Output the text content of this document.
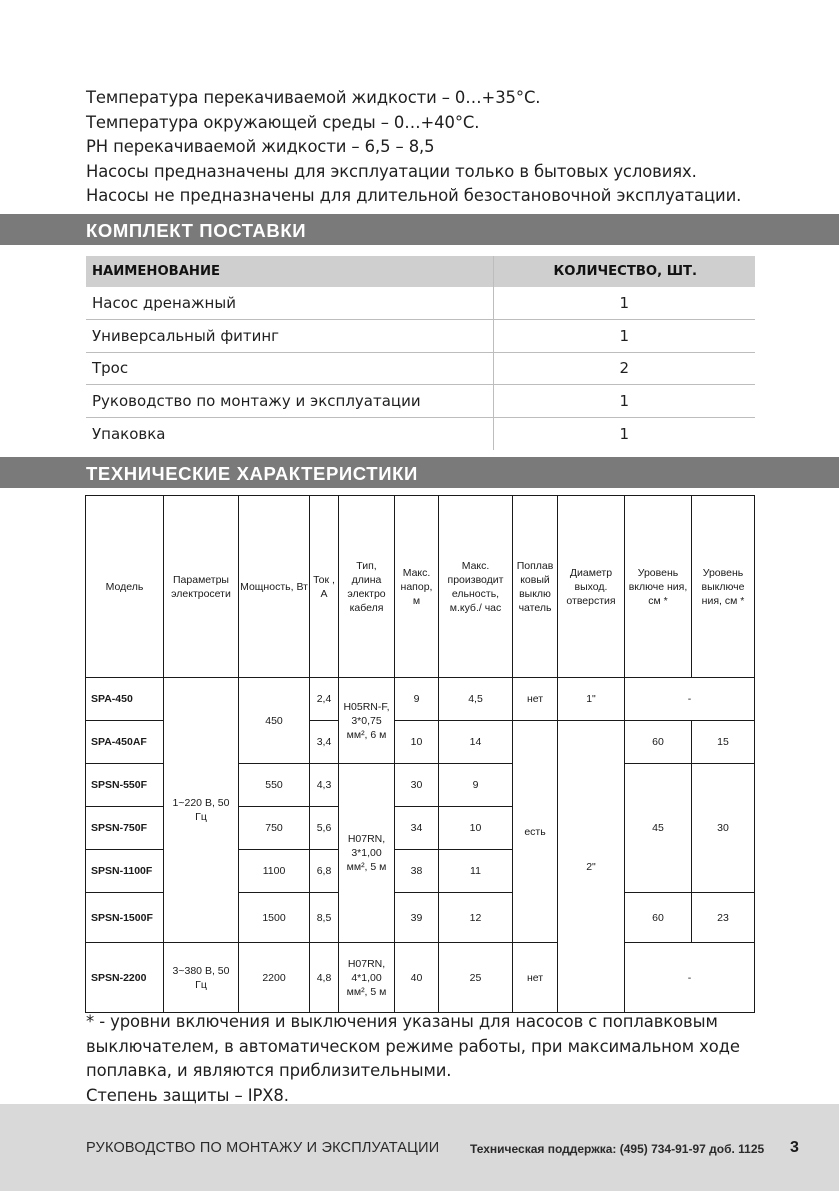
Температура перекачиваемой жидкости – 0…+35°С.

Температура окружающей среды – 0…+40°С.

PH перекачиваемой жидкости – 6,5 – 8,5

Насосы предназначены для эксплуатации только в бытовых условиях.

Насосы не предназначены для длительной безостановочной эксплуатации.

КОМПЛЕКТ ПОСТАВКИ
НАИМЕНОВАНИЕ	КОЛИЧЕСТВО, ШТ.
Насос дренажный	1
Универсальный фитинг	1
Трос	2
Руководство по монтажу и эксплуатации	1
Упаковка	1
ТЕХНИЧЕСКИЕ ХАРАКТЕРИСТИКИ
Модель	Параметры электросети	Мощность, Вт	Ток , А	Тип, длина электро кабеля	Макс. напор, м	Макс. производит ельность, м.куб./ час	Поплав ковый выклю чатель	Диаметр выход. отверстия	Уровень включе ния, см *	Уровень выключе ния, см *
SPA-450	1~220 В, 50 Гц	450	2,4	H05RN-F, 3*0,75 мм², 6 м	9	4,5	нет	1"	-	
SPA-450AF			3,4		10	14	есть	2"	60	15
SPSN-550F		550	4,3	H07RN, 3*1,00 мм², 5 м	30	9			45	30
SPSN-750F		750	5,6		34	10				
SPSN-1100F		1100	6,8		38	11				
SPSN-1500F		1500	8,5		39	12			60	23
SPSN-2200	3~380 В, 50 Гц	2200	4,8	H07RN, 4*1,00 мм², 5 м	40	25	нет		-	

* - уровни включения и выключения указаны для насосов с поплавковым выключателем, в автоматическом режиме работы, при максимальном ходе поплавка, и являются приблизительными.

Степень защиты – IPX8.

РУКОВОДСТВО ПО МОНТАЖУ И ЭКСПЛУАТАЦИИ	Техническая поддержка: (495) 734-91-97 доб. 1125 3
